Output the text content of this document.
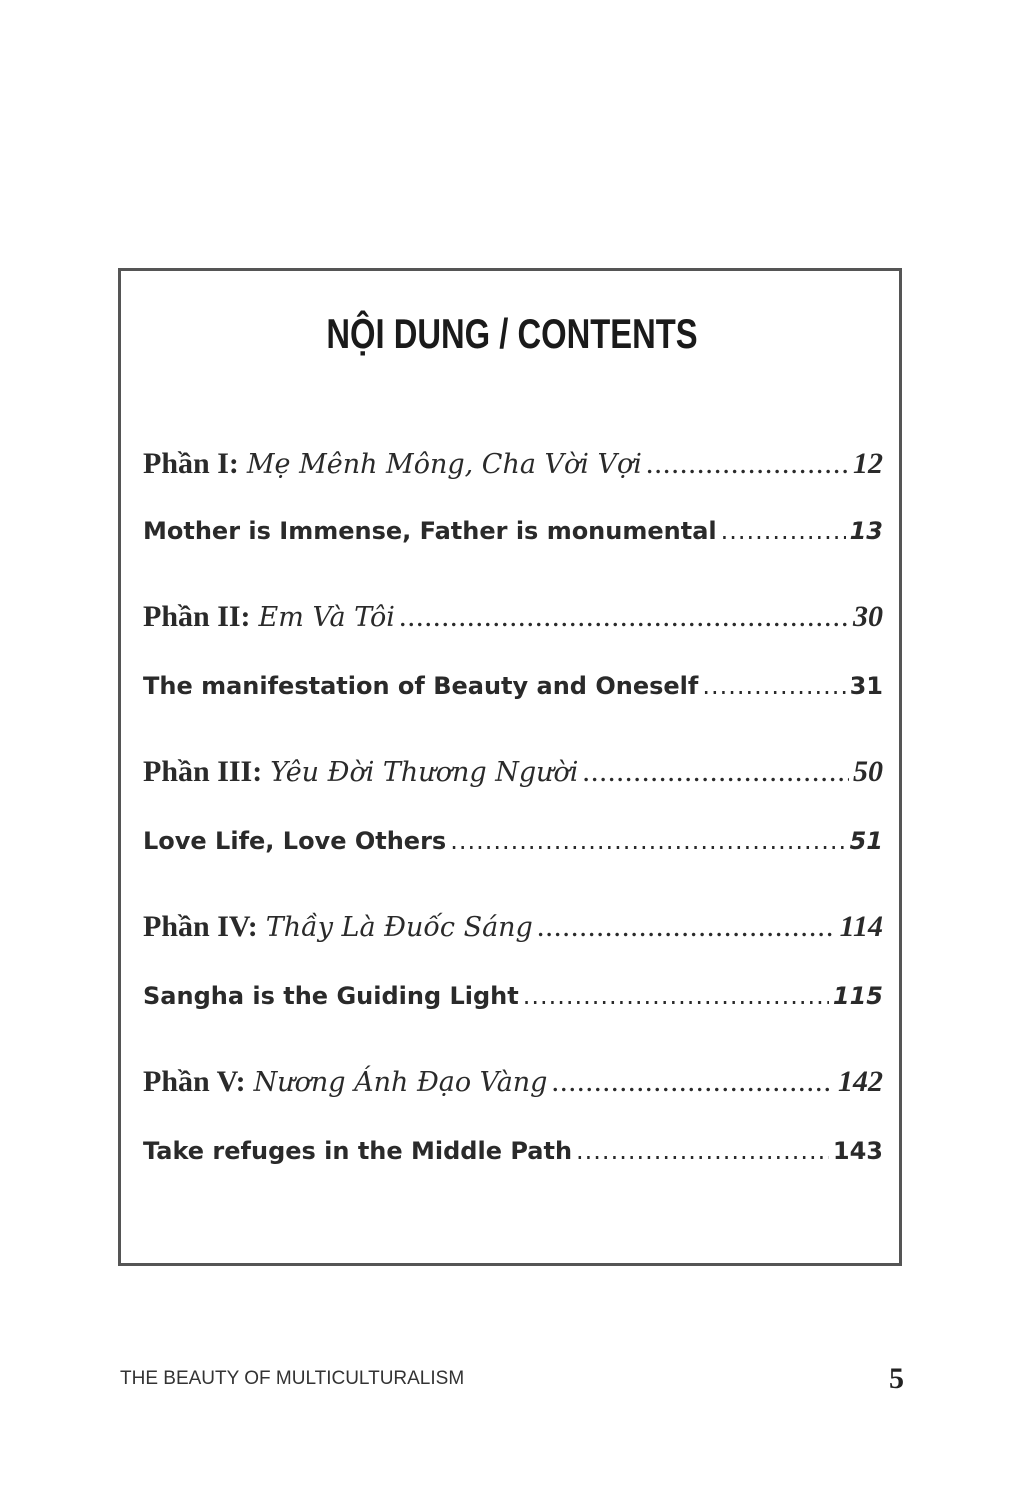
NỘI DUNG / CONTENTS
Phần I: Mẹ Mênh Mông, Cha Vời Vợi .....	12
Mother is Immense, Father is monumental .....	13
Phần II: Em Và Tôi .....	30
The manifestation of Beauty and Oneself .....	31
Phần III: Yêu Đời Thương Người .....	50
Love Life, Love Others .....	51
Phần IV: Thầy Là Đuốc Sáng .....	114
Sangha is the Guiding Light .....	115
Phần V: Nương Ánh Đạo Vàng .....	142
Take refuges in the Middle Path .....	143

THE BEAUTY OF MULTICULTURALISM	5
